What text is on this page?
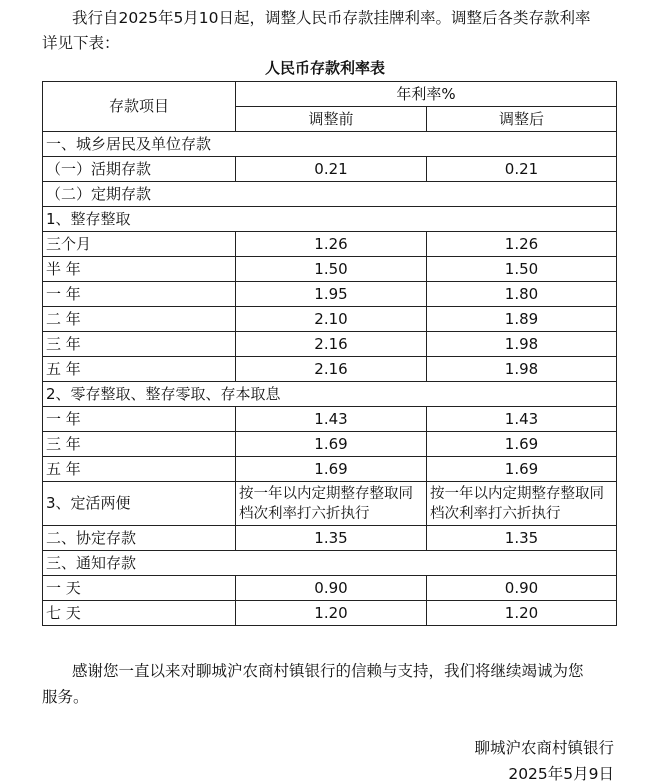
我行自2025年5月10日起，调整人民币存款挂牌利率。调整后各类存款利率
详见下表：
人民币存款利率表
存款项目	年利率%	
	调整前	调整后
一、城乡居民及单位存款		
（一）活期存款	0.21	0.21
（二）定期存款		
1、整存整取		
三个月	1.26	1.26
半 年	1.50	1.50
一 年	1.95	1.80
二 年	2.10	1.89
三 年	2.16	1.98
五 年	2.16	1.98
2、零存整取、整存零取、存本取息		
一 年	1.43	1.43
三 年	1.69	1.69
五 年	1.69	1.69
3、定活两便	按一年以内定期整存整取同档次利率打六折执行	按一年以内定期整存整取同档次利率打六折执行
二、协定存款	1.35	1.35
三、通知存款		
一 天	0.90	0.90
七 天	1.20	1.20
感谢您一直以来对聊城沪农商村镇银行的信赖与支持，我们将继续竭诚为您
服务。
聊城沪农商村镇银行
2025年5月9日
